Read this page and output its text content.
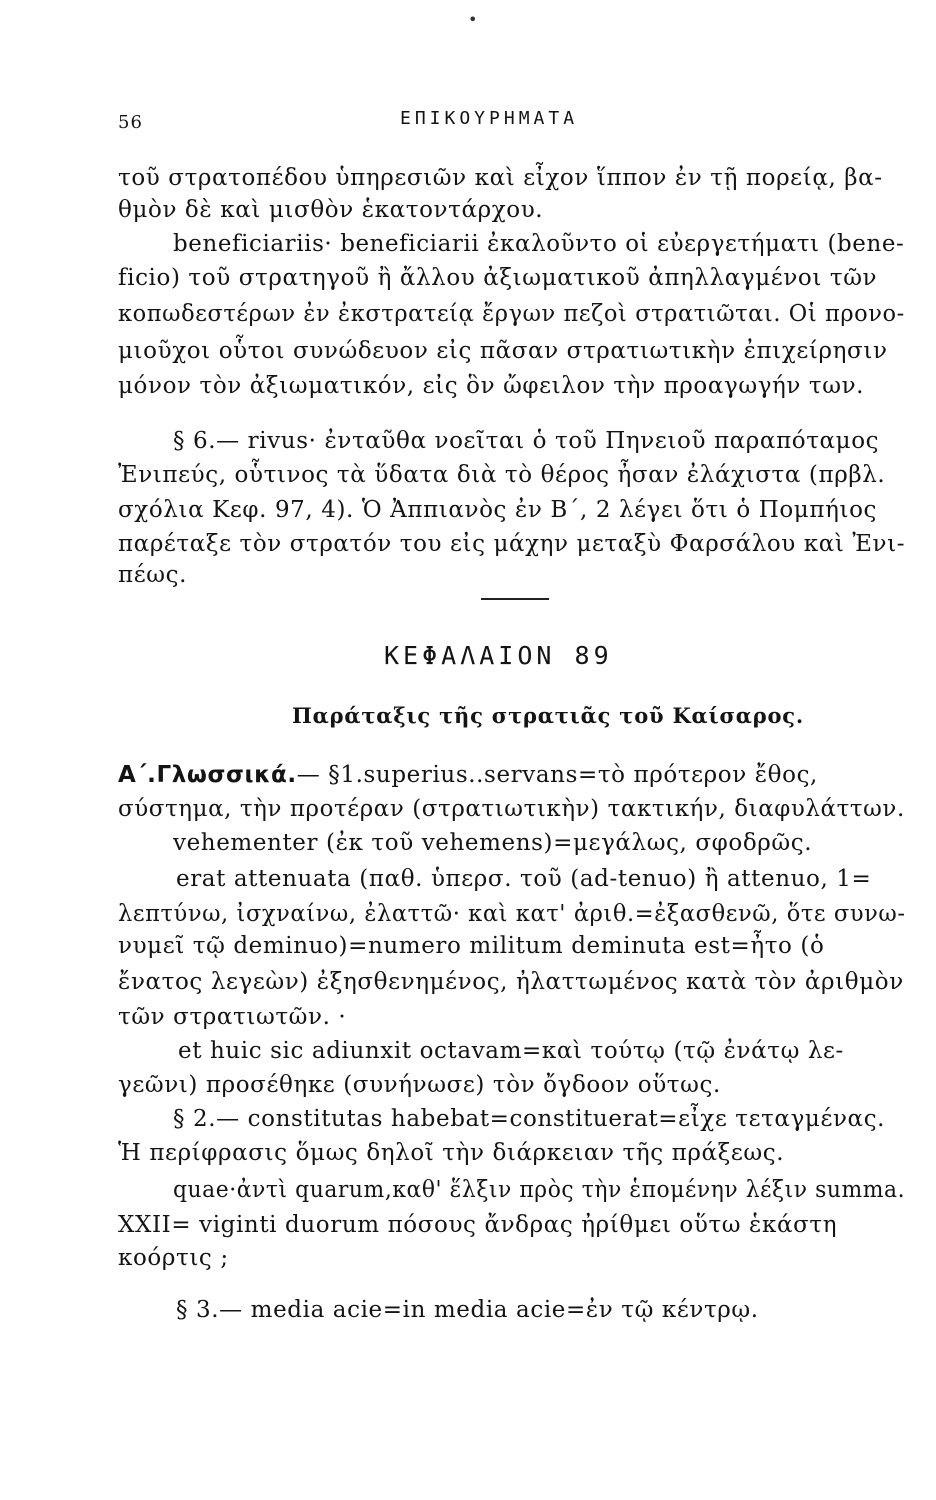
•
56	ΕΠΙΚΟΥΡΗΜΑΤΑ
τοῦ στρατοπέδου ὑπηρεσιῶν καὶ εἶχον ἵππον ἐν τῇ πορείᾳ, βα-
θμὸν δὲ καὶ μισθὸν ἑκατοντάρχου.
beneficiariis· beneficiarii ἐκαλοῦντο οἱ εὐεργετήματι (bene-
ficio) τοῦ στρατηγοῦ ἢ ἄλλου ἀξιωματικοῦ ἀπηλλαγμένοι τῶν
κοπωδεστέρων ἐν ἐκστρατείᾳ ἔργων πεζοὶ στρατιῶται. Οἱ προνο-
μιοῦχοι οὗτοι συνώδευον εἰς πᾶσαν στρατιωτικὴν ἐπιχείρησιν
μόνον τὸν ἀξιωματικόν, εἰς ὃν ὤφειλον τὴν προαγωγήν των.
§ 6.— rivus· ἐνταῦθα νοεῖται ὁ τοῦ Πηνειοῦ παραπόταμος
Ἐνιπεύς, οὗτινος τὰ ὕδατα διὰ τὸ θέρος ἦσαν ἐλάχιστα (πρβλ.
σχόλια Κεφ. 97, 4). Ὁ Ἀππιανὸς ἐν Β΄, 2 λέγει ὅτι ὁ Πομπήιος
παρέταξε τὸν στρατόν του εἰς μάχην μεταξὺ Φαρσάλου καὶ Ἐνι-
πέως.
ΚΕΦΑΛΑΙΟΝ 89
Παράταξις τῆς στρατιᾶς τοῦ Καίσαρος.
Α΄.Γλωσσικά.— §1.superius..servans=τὸ πρότερον ἔθος,
σύστημα, τὴν προτέραν (στρατιωτικὴν) τακτικήν, διαφυλάττων.
vehementer (ἐκ τοῦ vehemens)=μεγάλως, σφοδρῶς.
erat attenuata (παθ. ὑπερσ. τοῦ (ad-tenuo) ἢ attenuo, 1=
λεπτύνω, ἰσχναίνω, ἐλαττῶ· καὶ κατ' ἀριθ.=ἐξασθενῶ, ὅτε συνω-
νυμεῖ τῷ deminuo)=numero militum deminuta est=ἦτο (ὁ
ἔνατος λεγεὼν) ἐξησθενημένος, ἠλαττωμένος κατὰ τὸν ἀριθμὸν
τῶν στρατιωτῶν. ·
et huic sic adiunxit octavam=καὶ τούτῳ (τῷ ἐνάτῳ λε-
γεῶνι) προσέθηκε (συνήνωσε) τὸν ὄγδοον οὕτως.
§ 2.— constitutas habebat=constituerat=εἶχε τεταγμένας.
Ἡ περίφρασις ὅμως δηλοῖ τὴν διάρκειαν τῆς πράξεως.
quae·ἀντὶ quarum,καθ' ἕλξιν πρὸς τὴν ἑπομένην λέξιν summa.
XXII= viginti duorum πόσους ἄνδρας ἠρίθμει οὕτω ἑκάστη
κοόρτις ;
§ 3.— media acie=in media acie=ἐν τῷ κέντρῳ.
